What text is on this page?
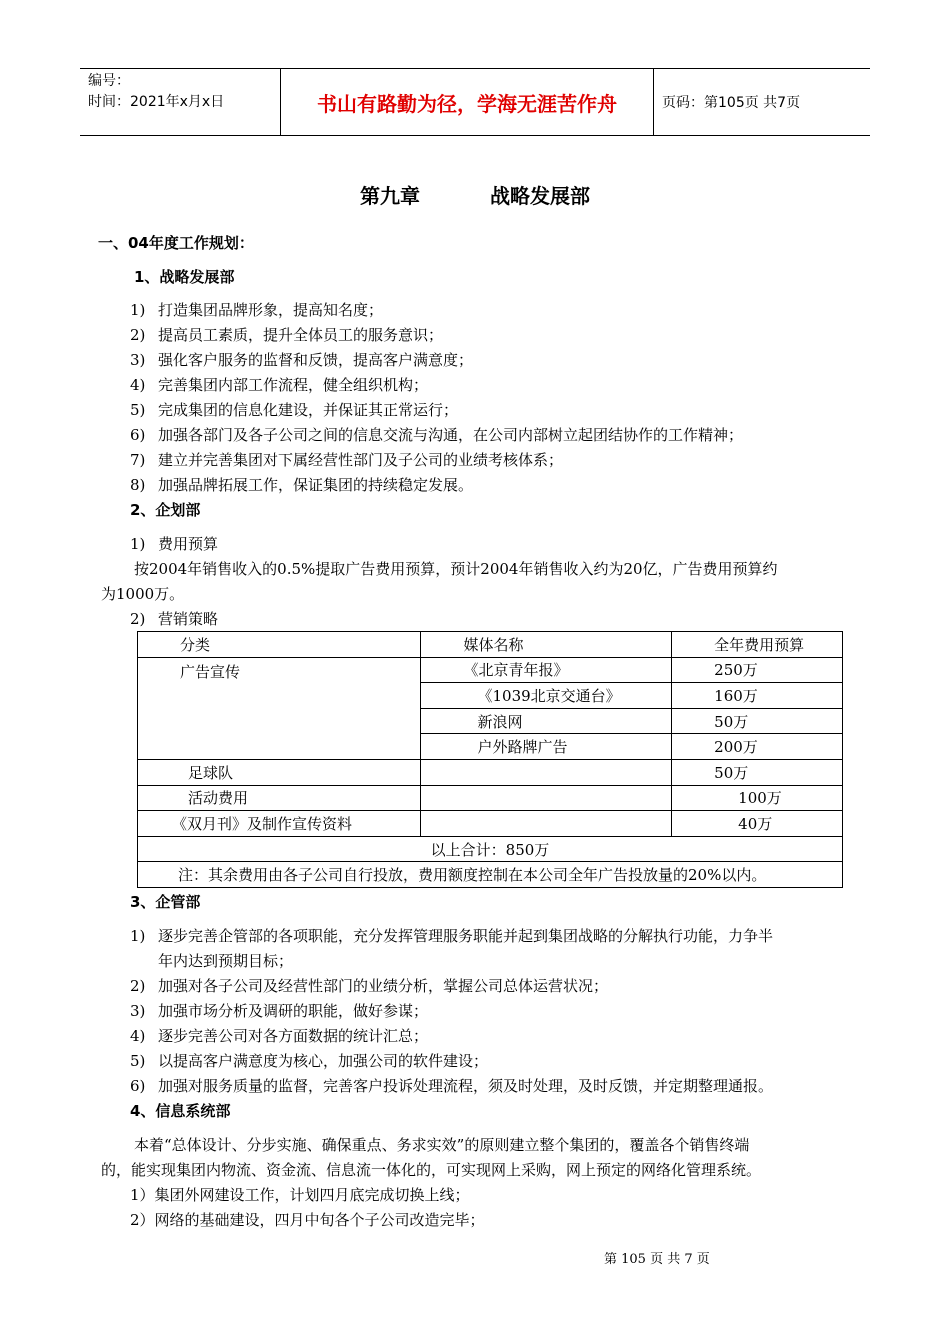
编号：
时间：2021年x月x日	书山有路勤为径，学海无涯苦作舟	页码：第105页 共7页
第九章	战略发展部
一、04年度工作规划：
1、战略发展部
1) 打造集团品牌形象，提高知名度；
2) 提高员工素质，提升全体员工的服务意识；
3) 强化客户服务的监督和反馈，提高客户满意度；
4) 完善集团内部工作流程，健全组织机构；
5) 完成集团的信息化建设，并保证其正常运行；
6) 加强各部门及各子公司之间的信息交流与沟通，在公司内部树立起团结协作的工作精神；
7) 建立并完善集团对下属经营性部门及子公司的业绩考核体系；
8) 加强品牌拓展工作，保证集团的持续稳定发展。
2、企划部
1) 费用预算
按2004年销售收入的0.5%提取广告费用预算，预计2004年销售收入约为20亿，广告费用预算约
为1000万。
2) 营销策略
分类	媒体名称	全年费用预算
广告宣传	《北京青年报》	250万
	《1039北京交通台》	160万
	新浪网	50万
	户外路牌广告	200万
足球队		50万
活动费用		100万
《双月刊》及制作宣传资料		40万
以上合计：850万		
注：其余费用由各子公司自行投放，费用额度控制在本公司全年广告投放量的20%以内。		
3、企管部
1) 逐步完善企管部的各项职能，充分发挥管理服务职能并起到集团战略的分解执行功能，力争半
年内达到预期目标；
2) 加强对各子公司及经营性部门的业绩分析，掌握公司总体运营状况；
3) 加强市场分析及调研的职能，做好参谋；
4) 逐步完善公司对各方面数据的统计汇总；
5) 以提高客户满意度为核心，加强公司的软件建设；
6) 加强对服务质量的监督，完善客户投诉处理流程，须及时处理，及时反馈，并定期整理通报。
4、信息系统部
本着“总体设计、分步实施、确保重点、务求实效”的原则建立整个集团的，覆盖各个销售终端
的，能实现集团内物流、资金流、信息流一体化的，可实现网上采购，网上预定的网络化管理系统。
1）集团外网建设工作，计划四月底完成切换上线；
2）网络的基础建设，四月中旬各个子公司改造完毕；
第 105 页 共 7 页
